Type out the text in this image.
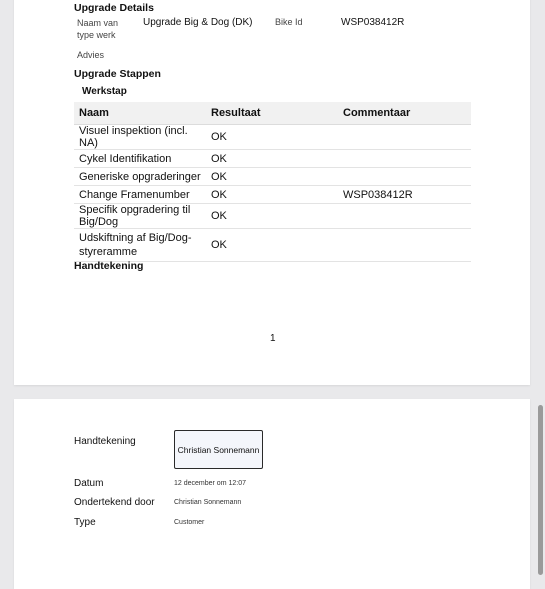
Upgrade Details
Naam van type werk
Upgrade Big & Dog (DK)	Bike Id	WSP038412R
Advies
Upgrade Stappen
Werkstap
Naam	Resultaat	Commentaar
Visuel inspektion (incl. NA)	OK	
Cykel Identifikation	OK	
Generiske opgraderinger	OK	
Change Framenumber	OK	WSP038412R
Specifik opgradering til Big/Dog	OK	
Udskiftning af Big/Dog-styreramme	OK	
Handtekening
1
Handtekening
Christian Sonnemann
Datum	12 december om 12:07
Ondertekend door	Christian Sonnemann
Type	Customer
